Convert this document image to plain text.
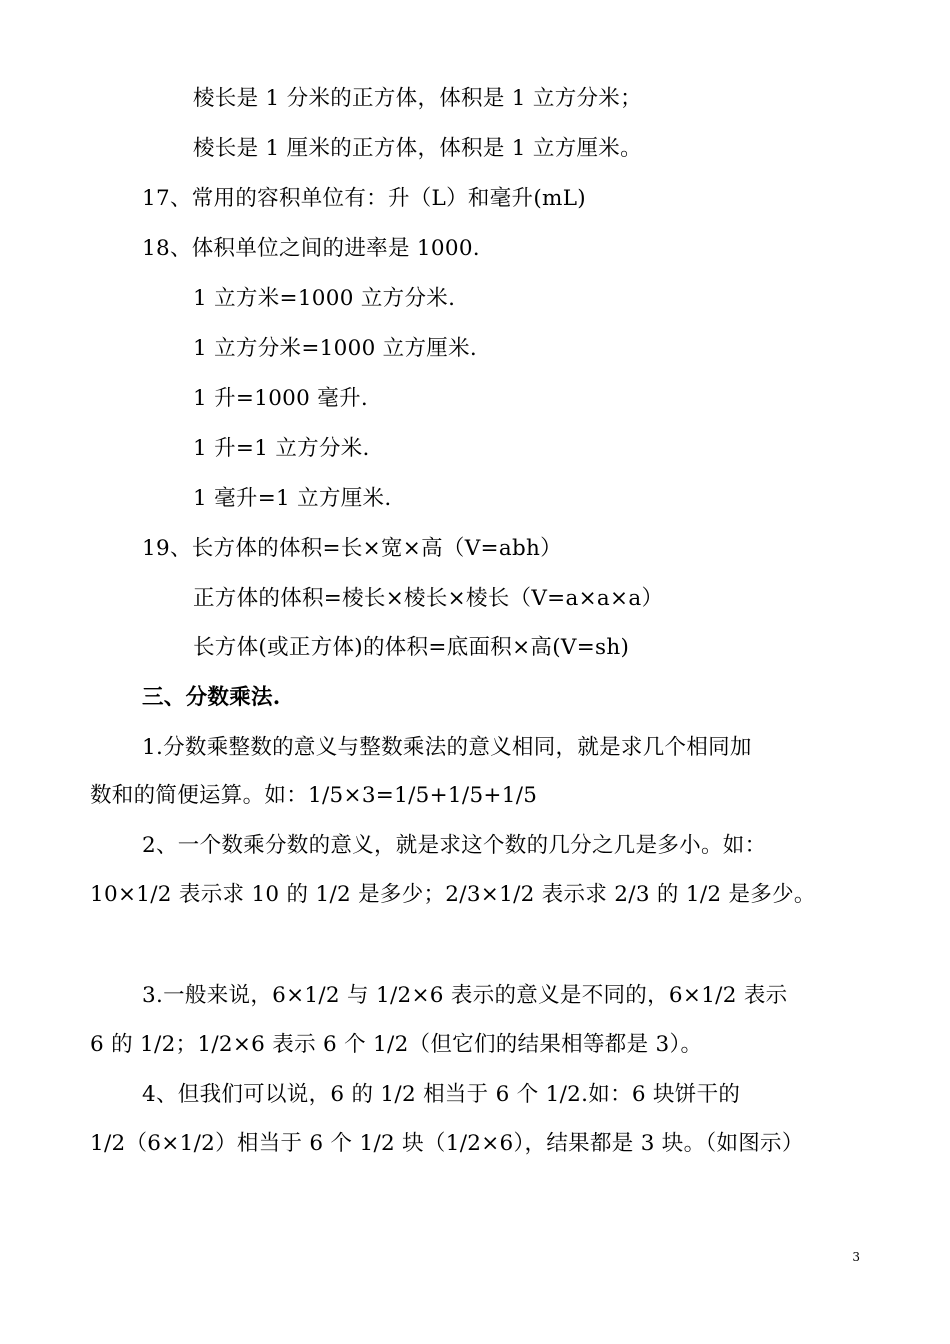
棱长是 1 分米的正方体，体积是 1 立方分米；
棱长是 1 厘米的正方体，体积是 1 立方厘米。
17、常用的容积单位有：升（L）和毫升(mL)
18、体积单位之间的进率是 1000.
1 立方米=1000 立方分米.
1 立方分米=1000 立方厘米.
1 升=1000 毫升.
1 升=1 立方分米.
1 毫升=1 立方厘米.
19、长方体的体积=长×宽×高（V=abh）
正方体的体积=棱长×棱长×棱长（V=a×a×a）
长方体(或正方体)的体积=底面积×高(V=sh)
三、分数乘法.
1.分数乘整数的意义与整数乘法的意义相同，就是求几个相同加
数和的简便运算。如：1/5×3=1/5+1/5+1/5
2、一个数乘分数的意义，就是求这个数的几分之几是多小。如：
10×1/2 表示求 10 的 1/2 是多少；2/3×1/2 表示求 2/3 的 1/2 是多少。
3.一般来说，6×1/2 与 1/2×6 表示的意义是不同的，6×1/2 表示
6 的 1/2；1/2×6 表示 6 个 1/2（但它们的结果相等都是 3）。
4、但我们可以说，6 的 1/2 相当于 6 个 1/2.如：6 块饼干的
1/2（6×1/2）相当于 6 个 1/2 块（1/2×6），结果都是 3 块。（如图示）
3
